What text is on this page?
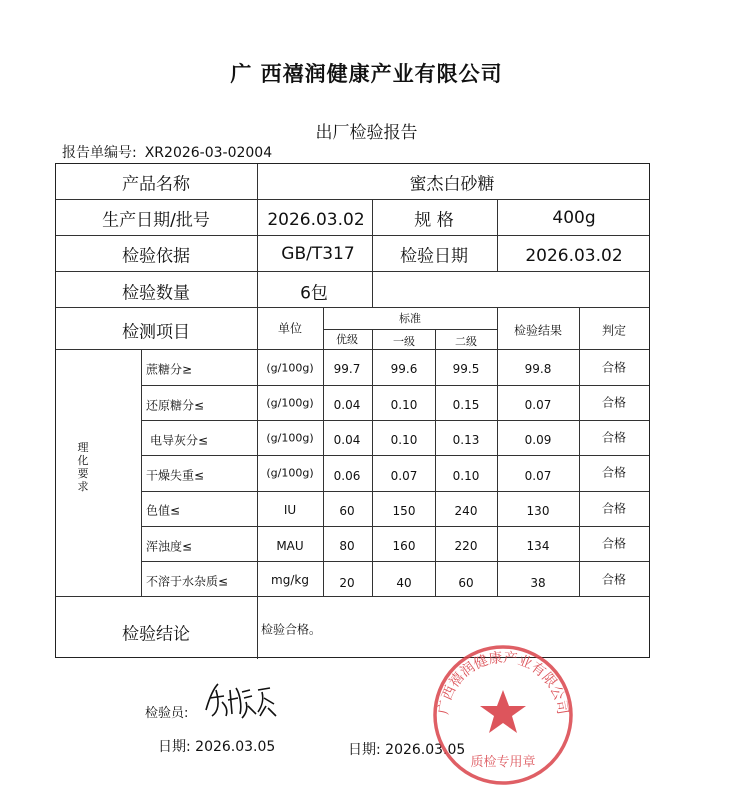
广 西禧润健康产业有限公司
出厂检验报告
报告单编号: XR2026-03-02004
产品名称	蜜杰白砂糖
生产日期/批号	2026.03.02	规 格	400g
检验依据	GB/T317	检验日期	2026.03.02
检验数量	6包
检测项目	单位
标准
优级	一级	二级
检验结果	判定
理化要求
蔗糖分≥	(g/100g) 99.7	99.6	99.5	99.8	合格
还原糖分≤	(g/100g) 0.04	0.10	0.15	0.07	合格
电导灰分≤	(g/100g) 0.04	0.10	0.13	0.09	合格
干燥失重≤	(g/100g) 0.06	0.07	0.10	0.07	合格
色值≤	IU	60	150	240	130	合格
浑浊度≤	MAU	80	160	220	134	合格
不溶于水杂质≤	mg/kg	20	40	60	38	合格
检验结论	检验合格。
检验员:
日期: 2026.03.05	日期: 2026.03.05
广西禧润健康产业有限公司
质检专用章
